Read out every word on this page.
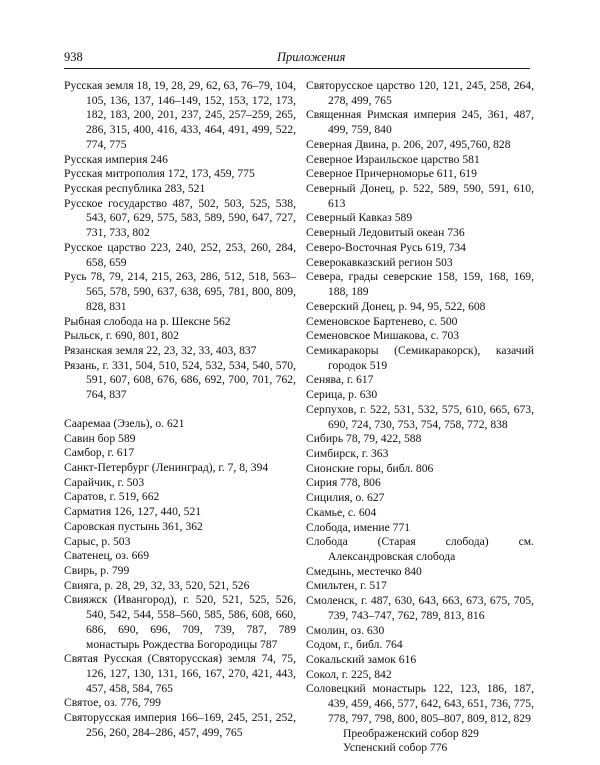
938	Приложения
Русская земля 18, 19, 28, 29, 62, 63, 76–79, 104, 105, 136, 137, 146–149, 152, 153, 172, 173, 182, 183, 200, 201, 237, 245, 257–259, 265, 286, 315, 400, 416, 433, 464, 491, 499, 522, 774, 775
Русская империя 246
Русская митрополия 172, 173, 459, 775
Русская республика 283, 521
Русское государство 487, 502, 503, 525, 538, 543, 607, 629, 575, 583, 589, 590, 647, 727, 731, 733, 802
Русское царство 223, 240, 252, 253, 260, 284, 658, 659
Русь 78, 79, 214, 215, 263, 286, 512, 518, 563–565, 578, 590, 637, 638, 695, 781, 800, 809, 828, 831
Рыбная слобода на р. Шексне 562
Рыльск, г. 690, 801, 802
Рязанская земля 22, 23, 32, 33, 403, 837
Рязань, г. 331, 504, 510, 524, 532, 534, 540, 570, 591, 607, 608, 676, 686, 692, 700, 701, 762, 764, 837
Сааремаа (Эзель), о. 621
Савин бор 589
Самбор, г. 617
Санкт-Петербург (Ленинград), г. 7, 8, 394
Сарайчик, г. 503
Саратов, г. 519, 662
Сарматия 126, 127, 440, 521
Саровская пустынь 361, 362
Сарыс, р. 503
Сватенец, оз. 669
Свирь, р. 799
Свияга, р. 28, 29, 32, 33, 520, 521, 526
Свияжск (Ивангород), г. 520, 521, 525, 526, 540, 542, 544, 558–560, 585, 586, 608, 660, 686, 690, 696, 709, 739, 787, 789 монастырь Рождества Богородицы 787
Святая Русская (Святорусская) земля 74, 75, 126, 127, 130, 131, 166, 167, 270, 421, 443, 457, 458, 584, 765
Святое, оз. 776, 799
Святорусская империя 166–169, 245, 251, 252, 256, 260, 284–286, 457, 499, 765
Святорусское царство 120, 121, 245, 258, 264, 278, 499, 765
Священная Римская империя 245, 361, 487, 499, 759, 840
Северная Двина, р. 206, 207, 495,760, 828
Северное Израильское царство 581
Северное Причерноморье 611, 619
Северный Донец, р. 522, 589, 590, 591, 610, 613
Северный Кавказ 589
Северный Ледовитый океан 736
Северо-Восточная Русь 619, 734
Северокавказский регион 503
Севера, грады северские 158, 159, 168, 169, 188, 189
Северский Донец, р. 94, 95, 522, 608
Семеновское Бартенево, с. 500
Семеновское Мишакова, с. 703
Семикаракоры (Семикаракорск), казачий городок 519
Сенява, г. 617
Серица, р. 630
Серпухов, г. 522, 531, 532, 575, 610, 665, 673, 690, 724, 730, 753, 754, 758, 772, 838
Сибирь 78, 79, 422, 588
Симбирск, г. 363
Сионские горы, библ. 806
Сирия 778, 806
Сицилия, о. 627
Скамье, с. 604
Слобода, имение 771
Слобода (Старая слобода) см. Александровская слобода
Смедынь, местечко 840
Смильтен, г. 517
Смоленск, г. 487, 630, 643, 663, 673, 675, 705, 739, 743–747, 762, 789, 813, 816
Смолин, оз. 630
Содом, г., библ. 764
Сокальский замок 616
Сокол, г. 225, 842
Соловецкий монастырь 122, 123, 186, 187, 439, 459, 466, 577, 642, 643, 651, 736, 775, 778, 797, 798, 800, 805–807, 809, 812, 829
Преображенский собор 829
Успенский собор 776
